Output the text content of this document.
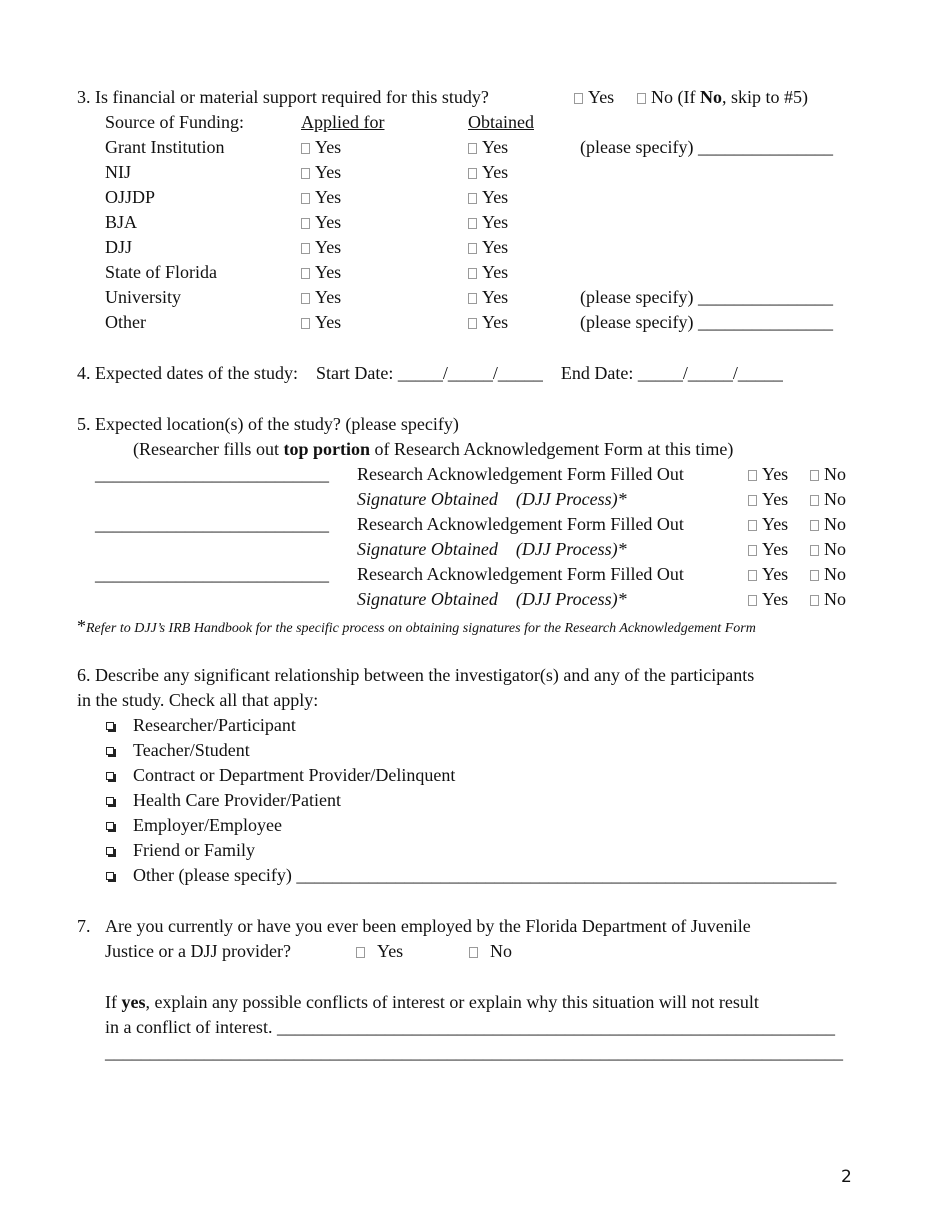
3. Is financial or material support required for this study?	Yes	No (If No, skip to #5)
Source of Funding:	Applied for	Obtained
Grant Institution	Yes	Yes	(please specify) _______________
NIJ	Yes	Yes
OJJDP	Yes	Yes
BJA	Yes	Yes
DJJ	Yes	Yes
State of Florida	Yes	Yes
University	Yes	Yes	(please specify) _______________
Other	Yes	Yes	(please specify) _______________
4. Expected dates of the study:    Start Date: _____/_____/_____    End Date: _____/_____/_____
5. Expected location(s) of the study? (please specify)
(Researcher fills out top portion of Research Acknowledgement Form at this time)
__________________________ Research Acknowledgement Form Filled Out	Yes	No
Signature Obtained    (DJJ Process)*	Yes	No
__________________________ Research Acknowledgement Form Filled Out	Yes	No
Signature Obtained    (DJJ Process)*	Yes	No
__________________________ Research Acknowledgement Form Filled Out	Yes	No
Signature Obtained    (DJJ Process)*	Yes	No
*Refer to DJJ’s IRB Handbook for the specific process on obtaining signatures for the Research Acknowledgement Form
6. Describe any significant relationship between the investigator(s) and any of the participants
in the study. Check all that apply:
Researcher/Participant
Teacher/Student
Contract or Department Provider/Delinquent
Health Care Provider/Patient
Employer/Employee
Friend or Family
Other (please specify) ____________________________________________________________
7. Are you currently or have you ever been employed by the Florida Department of Juvenile
Justice or a DJJ provider?	Yes	No
If yes, explain any possible conflicts of interest or explain why this situation will not result
in a conflict of interest. ______________________________________________________________
__________________________________________________________________________________
2
